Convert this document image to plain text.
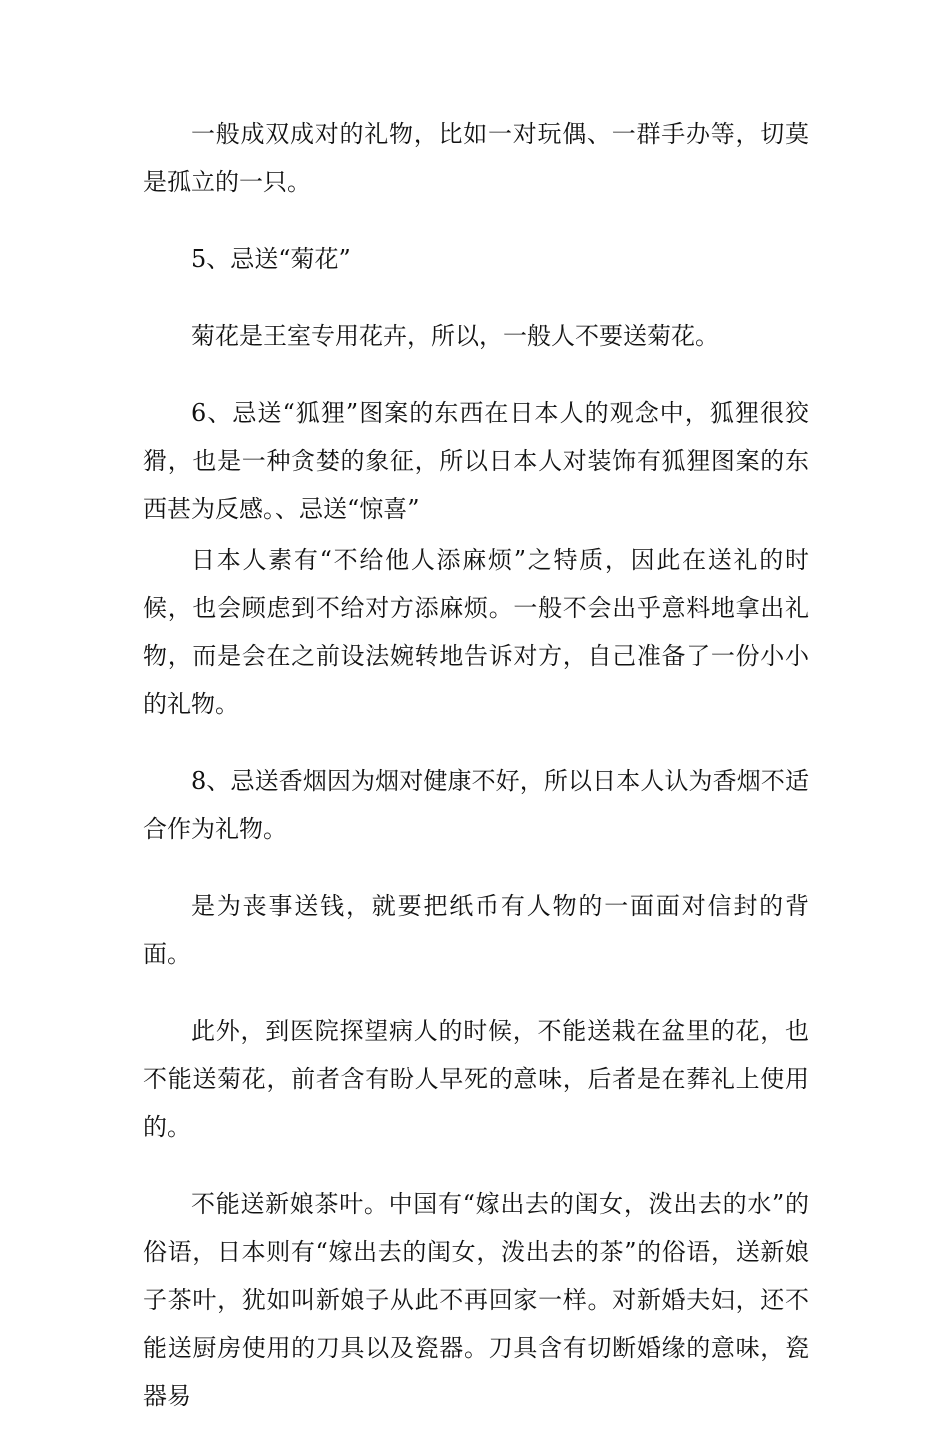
一般成双成对的礼物，比如一对玩偶、一群手办等，切莫是孤立的一只。

5、忌送“菊花”

菊花是王室专用花卉，所以，一般人不要送菊花。

6、忌送“狐狸”图案的东西在日本人的观念中，狐狸很狡猾，也是一种贪婪的象征，所以日本人对装饰有狐狸图案的东西甚为反感。、忌送“惊喜”

日本人素有“不给他人添麻烦”之特质，因此在送礼的时候，也会顾虑到不给对方添麻烦。一般不会出乎意料地拿出礼物，而是会在之前设法婉转地告诉对方，自己准备了一份小小的礼物。

8、忌送香烟因为烟对健康不好，所以日本人认为香烟不适合作为礼物。

是为丧事送钱，就要把纸币有人物的一面面对信封的背面。

此外，到医院探望病人的时候，不能送栽在盆里的花，也不能送菊花，前者含有盼人早死的意味，后者是在葬礼上使用的。

不能送新娘茶叶。中国有“嫁出去的闺女，泼出去的水”的俗语，日本则有“嫁出去的闺女，泼出去的茶”的俗语，送新娘子茶叶，犹如叫新娘子从此不再回家一样。对新婚夫妇，还不能送厨房使用的刀具以及瓷器。刀具含有切断婚缘的意味，瓷器易
